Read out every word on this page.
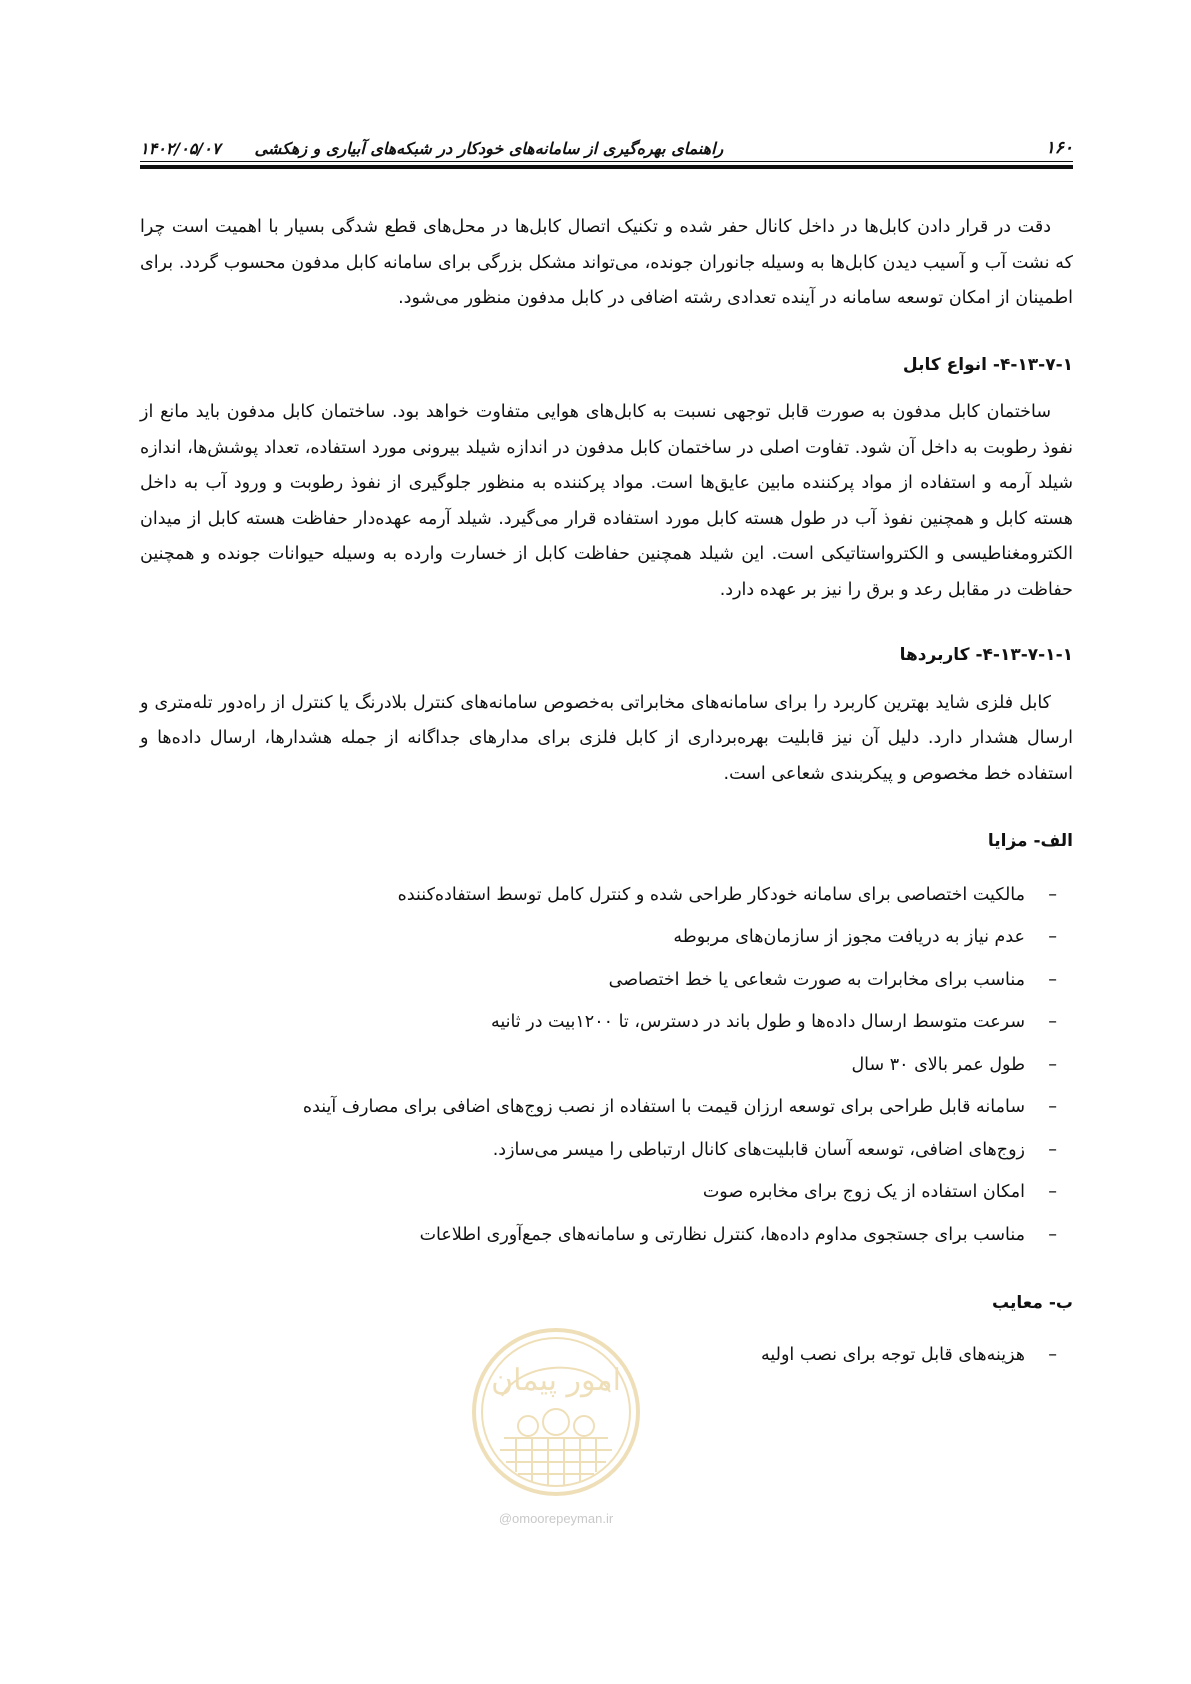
۱۶۰
راهنمای بهره‌گیری از سامانه‌های خودکار در شبکه‌های آبیاری و زهکشی
۱۴۰۲/۰۵/۰۷

دقت در قرار دادن کابل‌ها در داخل کانال حفر شده و تکنیک اتصال کابل‌ها در محل‌های قطع شدگی بسیار با اهمیت است چرا که نشت آب و آسیب دیدن کابل‌ها به وسیله جانوران جونده، می‌تواند مشکل بزرگی برای سامانه کابل مدفون محسوب گردد. برای اطمینان از امکان توسعه سامانه در آینده تعدادی رشته اضافی در کابل مدفون منظور می‌شود.

۴-۱۳-۷-۱- انواع کابل

ساختمان کابل مدفون به صورت قابل توجهی نسبت به کابل‌های هوایی متفاوت خواهد بود. ساختمان کابل مدفون باید مانع از نفوذ رطوبت به داخل آن شود. تفاوت اصلی در ساختمان کابل مدفون در اندازه شیلد بیرونی مورد استفاده، تعداد پوشش‌ها، اندازه شیلد آرمه و استفاده از مواد پرکننده مابین عایق‌ها است. مواد پرکننده به منظور جلوگیری از نفوذ رطوبت و ورود آب به داخل هسته کابل و همچنین نفوذ آب در طول هسته کابل مورد استفاده قرار می‌گیرد. شیلد آرمه عهده‌دار حفاظت هسته کابل از میدان الکترومغناطیسی و الکترواستاتیکی است. این شیلد همچنین حفاظت کابل از خسارت وارده به وسیله حیوانات جونده و همچنین حفاظت در مقابل رعد و برق را نیز بر عهده دارد.

۴-۱۳-۷-۱-۱- کاربردها

کابل فلزی شاید بهترین کاربرد را برای سامانه‌های مخابراتی به‌خصوص سامانه‌های کنترل بلادرنگ یا کنترل از راه‌دور تله‌متری و ارسال هشدار دارد. دلیل آن نیز قابلیت بهره‌برداری از کابل فلزی برای مدارهای جداگانه از جمله هشدارها، ارسال داده‌ها و استفاده خط مخصوص و پیکربندی شعاعی است.

الف- مزایا

–
مالکیت اختصاصی برای سامانه خودکار طراحی شده و کنترل کامل توسط استفاده‌کننده
–
عدم نیاز به دریافت مجوز از سازمان‌های مربوطه
–
مناسب برای مخابرات به صورت شعاعی یا خط اختصاصی
–
سرعت متوسط ارسال داده‌ها و طول باند در دسترس، تا ۱۲۰۰بیت در ثانیه
–
طول عمر بالای ۳۰ سال
–
سامانه قابل طراحی برای توسعه ارزان قیمت با استفاده از نصب زوج‌های اضافی برای مصارف آینده
–
زوج‌های اضافی، توسعه آسان قابلیت‌های کانال ارتباطی را میسر می‌سازد.
–
امکان استفاده از یک زوج برای مخابره صوت
–
مناسب برای جستجوی مداوم داده‌ها، کنترل نظارتی و سامانه‌های جمع‌آوری اطلاعات

ب- معایب

–
هزینه‌های قابل توجه برای نصب اولیه
امور پیمان
@omoorepeyman.ir
